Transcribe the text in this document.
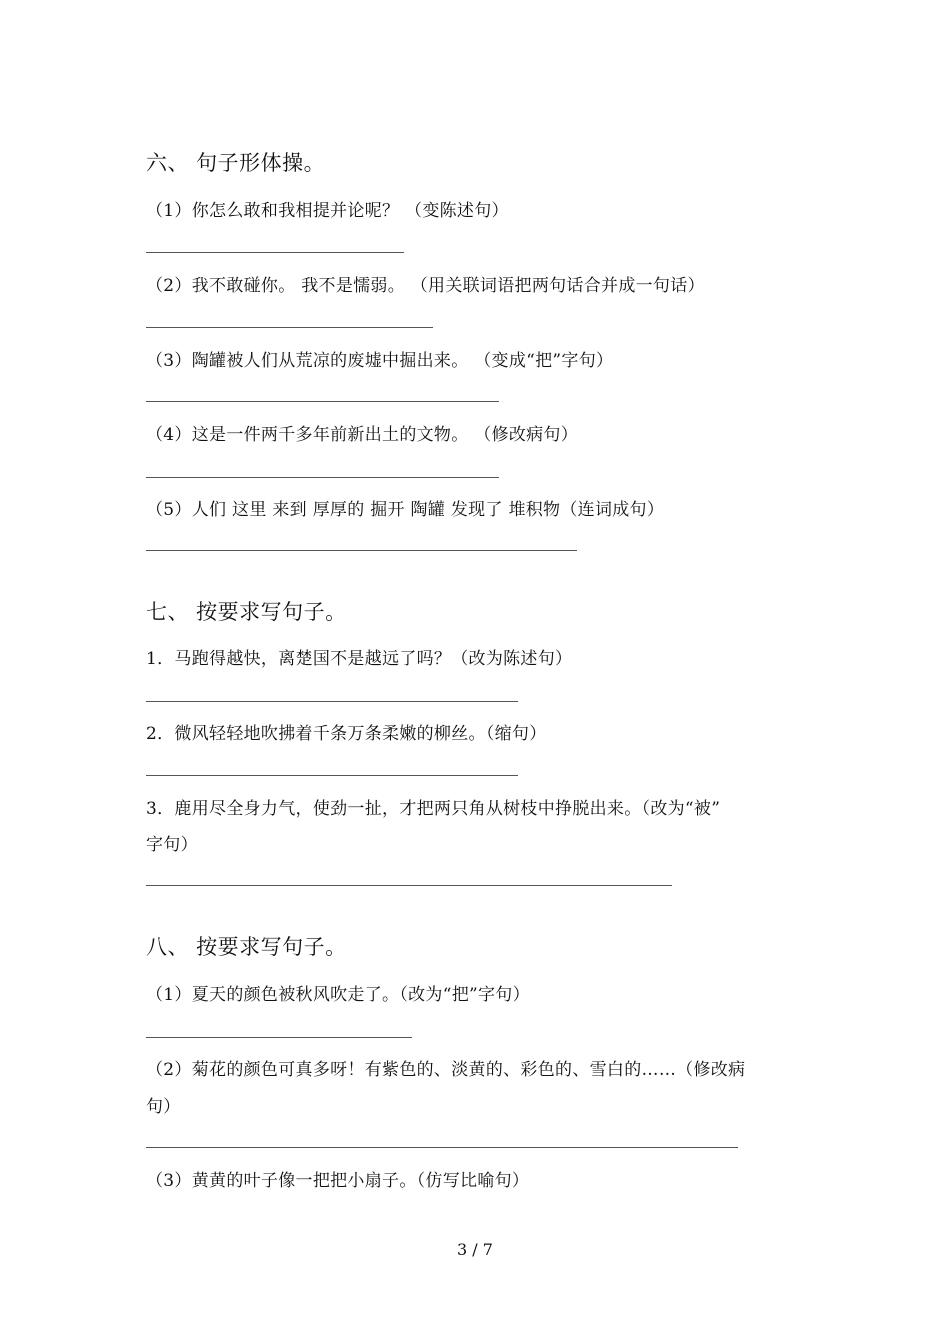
六、 句子形体操。
（1）你怎么敢和我相提并论呢？ （变陈述句）
（2）我不敢碰你。 我不是懦弱。 （用关联词语把两句话合并成一句话）
（3）陶罐被人们从荒凉的废墟中掘出来。 （变成“把”字句）
（4）这是一件两千多年前新出土的文物。 （修改病句）
（5）人们 这里 来到 厚厚的 掘开 陶罐 发现了 堆积物（连词成句）
七、 按要求写句子。
1．马跑得越快，离楚国不是越远了吗？（改为陈述句）
2．微风轻轻地吹拂着千条万条柔嫩的柳丝。（缩句）
3．鹿用尽全身力气，使劲一扯，才把两只角从树枝中挣脱出来。（改为“被”
字句）
八、 按要求写句子。
（1）夏天的颜色被秋风吹走了。（改为“把”字句）
（2）菊花的颜色可真多呀！有紫色的、淡黄的、彩色的、雪白的……（修改病
句）
（3）黄黄的叶子像一把把小扇子。（仿写比喻句）
3 / 7
